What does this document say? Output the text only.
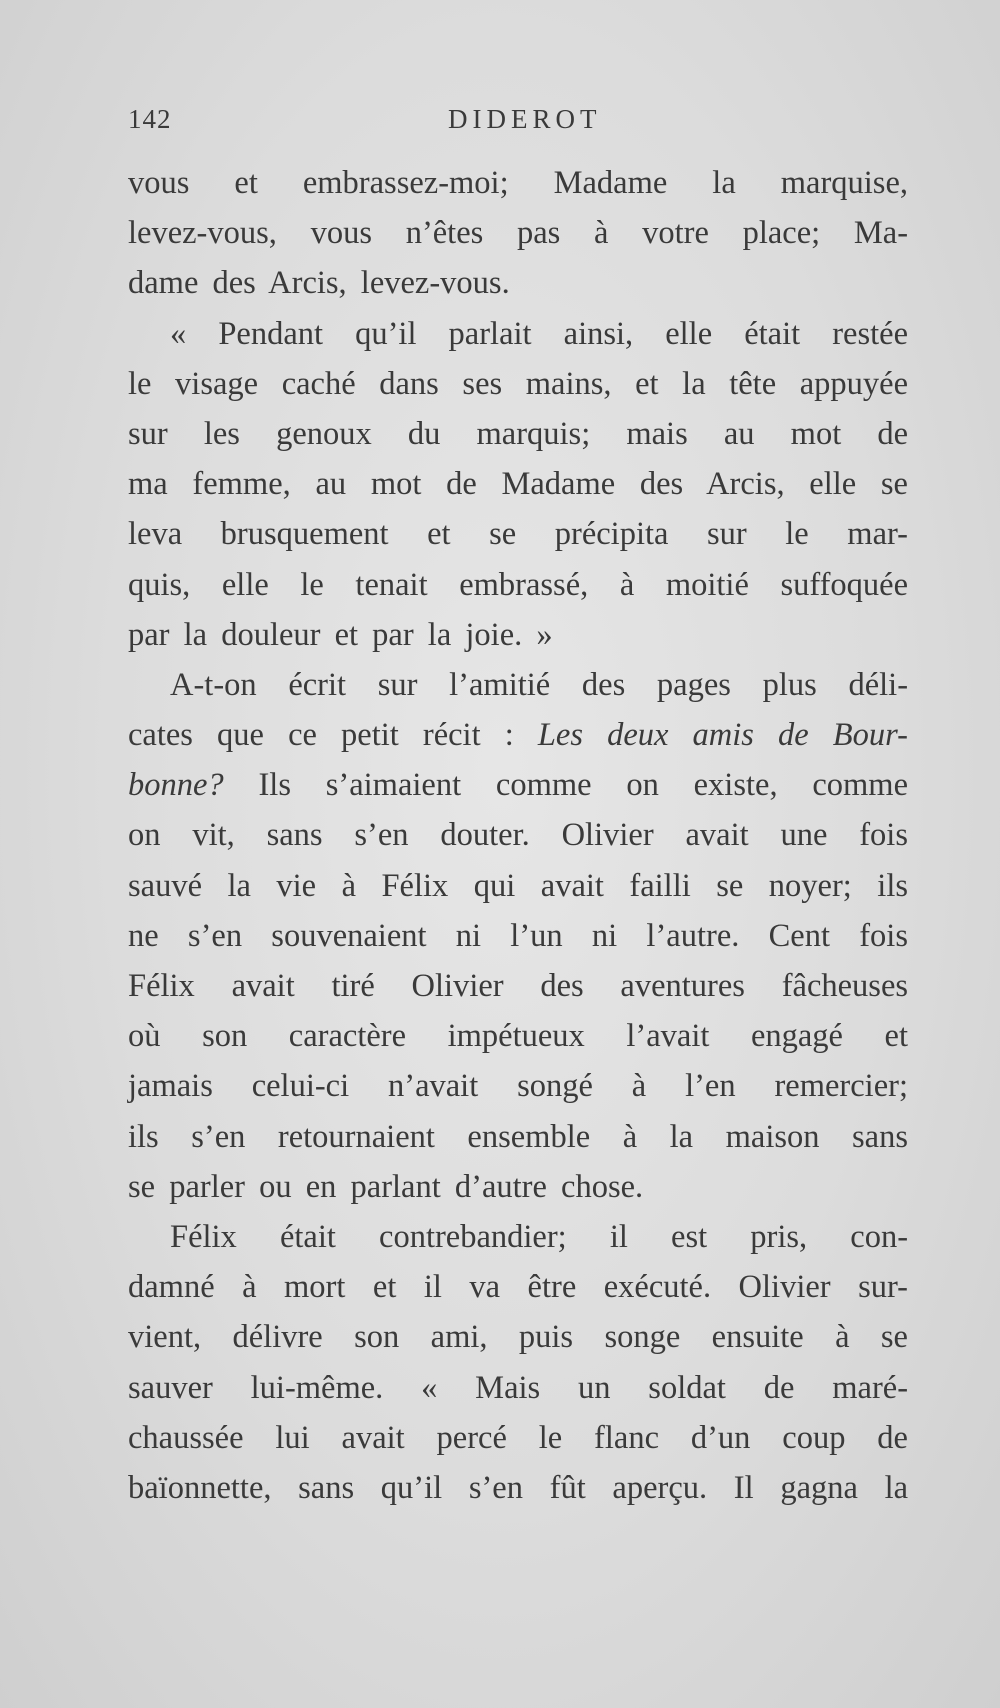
142	DIDEROT
vous et embrassez-moi; Madame la marquise,
levez-vous, vous n’êtes pas à votre place; Ma-
dame des Arcis, levez-vous.
« Pendant qu’il parlait ainsi, elle était restée
le visage caché dans ses mains, et la tête appuyée
sur les genoux du marquis; mais au mot de
ma femme, au mot de Madame des Arcis, elle se
leva brusquement et se précipita sur le mar-
quis, elle le tenait embrassé, à moitié suffoquée
par la douleur et par la joie. »
A-t-on écrit sur l’amitié des pages plus déli-
cates que ce petit récit : Les deux amis de Bour-
bonne? Ils s’aimaient comme on existe, comme
on vit, sans s’en douter. Olivier avait une fois
sauvé la vie à Félix qui avait failli se noyer; ils
ne s’en souvenaient ni l’un ni l’autre. Cent fois
Félix avait tiré Olivier des aventures fâcheuses
où son caractère impétueux l’avait engagé et
jamais celui-ci n’avait songé à l’en remercier;
ils s’en retournaient ensemble à la maison sans
se parler ou en parlant d’autre chose.
Félix était contrebandier; il est pris, con-
damné à mort et il va être exécuté. Olivier sur-
vient, délivre son ami, puis songe ensuite à se
sauver lui-même. « Mais un soldat de maré-
chaussée lui avait percé le flanc d’un coup de
baïonnette, sans qu’il s’en fût aperçu. Il gagna la
